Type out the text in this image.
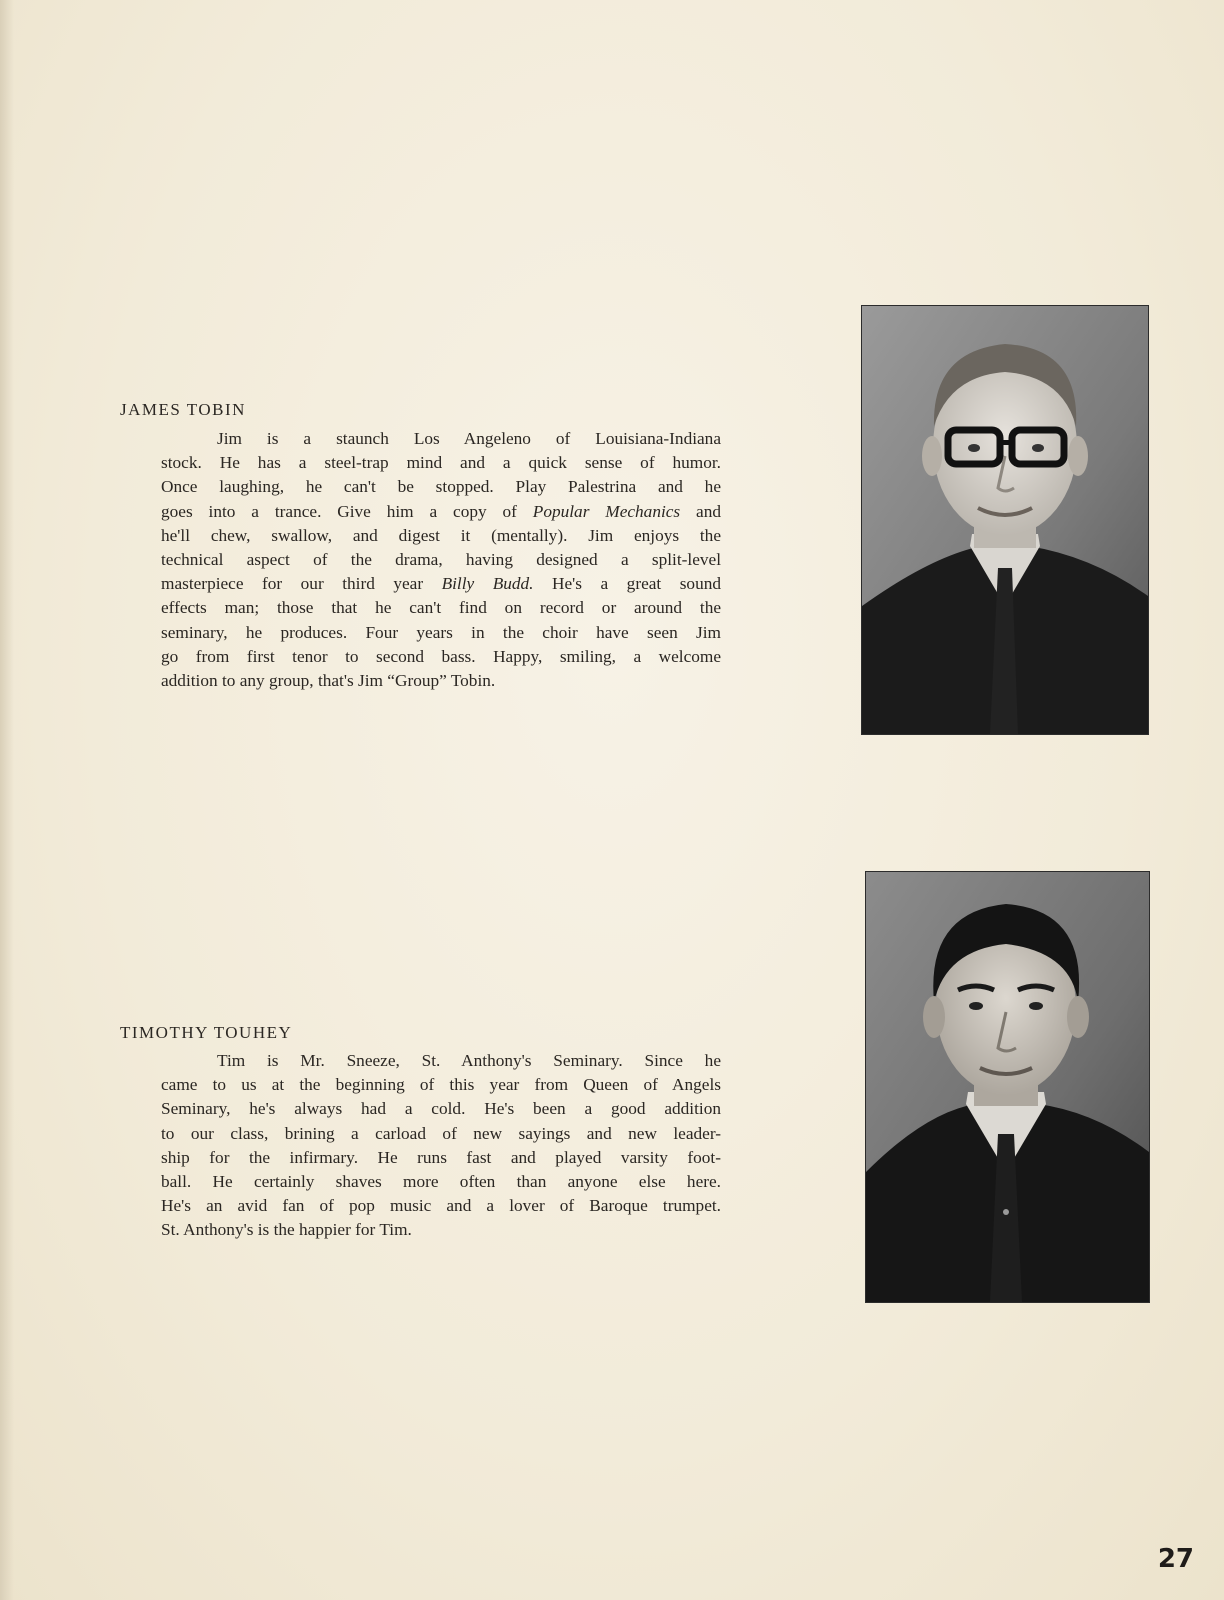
JAMES TOBIN

Jim is a staunch Los Angeleno of Louisiana-Indiana
stock. He has a steel-trap mind and a quick sense of humor.
Once laughing, he can't be stopped. Play Palestrina and he
goes into a trance. Give him a copy of Popular Mechanics and
he'll chew, swallow, and digest it (mentally). Jim enjoys the
technical aspect of the drama, having designed a split-level
masterpiece for our third year Billy Budd. He's a great sound
effects man; those that he can't find on record or around the
seminary, he produces. Four years in the choir have seen Jim
go from first tenor to second bass. Happy, smiling, a welcome
addition to any group, that's Jim “Group” Tobin.

TIMOTHY TOUHEY

Tim is Mr. Sneeze, St. Anthony's Seminary. Since he
came to us at the beginning of this year from Queen of Angels
Seminary, he's always had a cold. He's been a good addition
to our class, brining a carload of new sayings and new leader-
ship for the infirmary. He runs fast and played varsity foot-
ball. He certainly shaves more often than anyone else here.
He's an avid fan of pop music and a lover of Baroque trumpet.
St. Anthony's is the happier for Tim.

27
